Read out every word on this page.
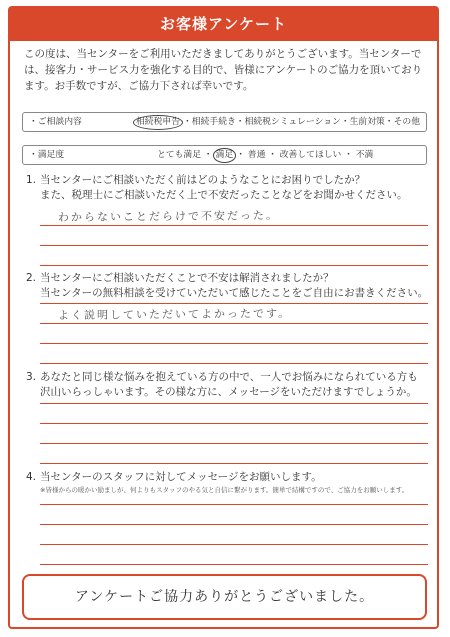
お客様アンケート
この度は、当センターをご利用いただきましてありがとうございます。当センターでは、接客力・サービス力を強化する目的で、皆様にアンケートのご協力を頂いております。お手数ですが、ご協力下されば幸いです。
・ご相談内容	相続税申告 ・相続手続き・相続税シミュレーション・生前対策・その他
・満足度	とても満足 ・ 満足 ・ 普通 ・ 改善してほしい ・ 不満
1. 当センターにご相談いただく前はどのようなことにお困りでしたか？
また、税理士にご相談いただく上で不安だったことなどをお聞かせください。
わからないことだらけで不安だった。
2. 当センターにご相談いただくことで不安は解消されましたか？
当センターの無料相談を受けていただいて感じたことをご自由にお書きください。
よく説明していただいてよかったです。
3. あなたと同じ様な悩みを抱えている方の中で、一人でお悩みになられている方も
沢山いらっしゃいます。その様な方に、メッセージをいただけますでしょうか。
4. 当センターのスタッフに対してメッセージをお願いします。
※皆様からの暖かい励ましが、何よりもスタッフのやる気と自信に繋がります。簡単で結構ですので、ご協力をお願いします。
アンケートご協力ありがとうございました。
